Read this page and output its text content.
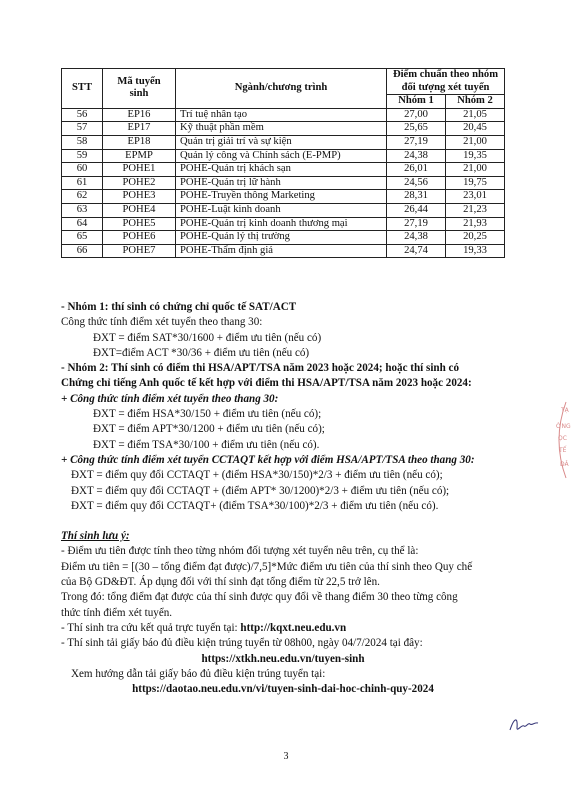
STT	Mã tuyển sinh	Ngành/chương trình	Điểm chuẩn theo nhóm đối tượng xét tuyển	
			Nhóm 1	Nhóm 2
56	EP16	Trí tuệ nhân tạo	27,00	21,05
57	EP17	Kỹ thuật phần mềm	25,65	20,45
58	EP18	Quản trị giải trí và sự kiện	27,19	21,00
59	EPMP	Quản lý công và Chính sách (E-PMP)	24,38	19,35
60	POHE1	POHE-Quản trị khách sạn	26,01	21,00
61	POHE2	POHE-Quản trị lữ hành	24,56	19,75
62	POHE3	POHE-Truyền thông Marketing	28,31	23,01
63	POHE4	POHE-Luật kinh doanh	26,44	21,23
64	POHE5	POHE-Quản trị kinh doanh thương mại	27,19	21,93
65	POHE6	POHE-Quản lý thị trường	24,38	20,25
66	POHE7	POHE-Thẩm định giá	24,74	19,33

- Nhóm 1: thí sinh có chứng chỉ quốc tế SAT/ACT

Công thức tính điểm xét tuyển theo thang 30:

ĐXT = điểm SAT*30/1600 + điểm ưu tiên (nếu có)

ĐXT=điểm ACT *30/36 + điểm ưu tiên (nếu có)

- Nhóm 2: Thí sinh có điểm thi HSA/APT/TSA năm 2023 hoặc 2024; hoặc thí sinh có

Chứng chỉ tiếng Anh quốc tế kết hợp với điểm thi HSA/APT/TSA năm 2023 hoặc 2024:

+ Công thức tính điểm xét tuyển theo thang 30:

ĐXT = điểm HSA*30/150 + điểm ưu tiên (nếu có);

ĐXT = điểm APT*30/1200 + điểm ưu tiên (nếu có);

ĐXT = điểm TSA*30/100 + điểm ưu tiên (nếu có).

+ Công thức tính điểm xét tuyển CCTAQT kết hợp với điểm HSA/APT/TSA theo thang 30:

ĐXT = điểm quy đổi CCTAQT + (điểm HSA*30/150)*2/3 + điểm ưu tiên (nếu có);

ĐXT = điểm quy đổi CCTAQT + (điểm APT* 30/1200)*2/3 + điểm ưu tiên (nếu có);

ĐXT = điểm quy đổi CCTAQT+ (điểm TSA*30/100)*2/3 + điểm ưu tiên (nếu có).

Thí sinh lưu ý:

- Điểm ưu tiên được tính theo từng nhóm đối tượng xét tuyển nêu trên, cụ thể là:

Điểm ưu tiên = [(30 – tổng điểm đạt được)/7,5]*Mức điểm ưu tiên của thí sinh theo Quy chế

của Bộ GD&ĐT. Áp dụng đối với thí sinh đạt tổng điểm từ 22,5 trở lên.

Trong đó: tổng điểm đạt được của thí sinh được quy đổi về thang điểm 30 theo từng công

thức tính điểm xét tuyển.

- Thí sinh tra cứu kết quả trực tuyến tại: http://kqxt.neu.edu.vn

- Thí sinh tải giấy báo đủ điều kiện trúng tuyển từ 08h00, ngày 04/7/2024 tại đây:

https://xtkh.neu.edu.vn/tuyen-sinh

Xem hướng dẫn tải giấy báo đủ điều kiện trúng tuyển tại:

https://daotao.neu.edu.vn/vi/tuyen-sinh-dai-hoc-chinh-quy-2024

3
TẠ
ỜNG
ỌC
TẾ
DÂ
